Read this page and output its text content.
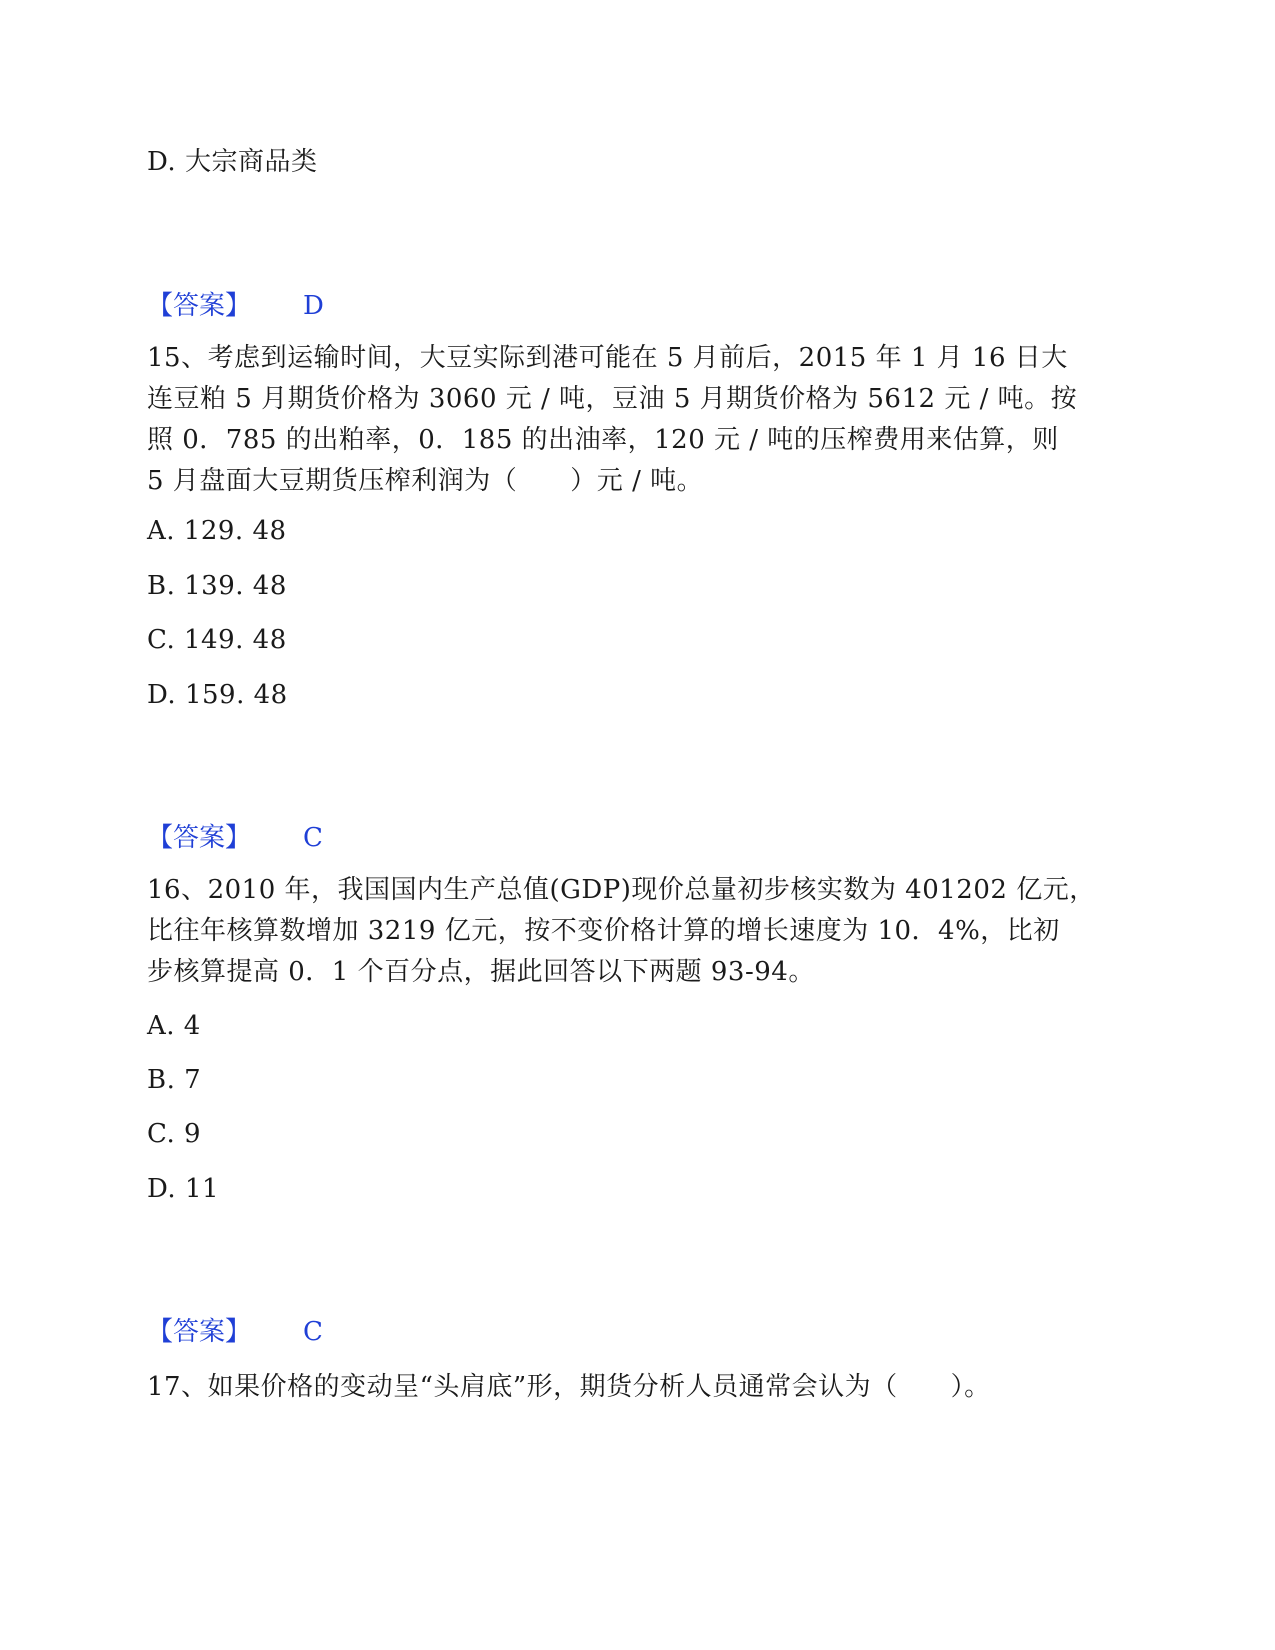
D. 大宗商品类
【答案】 D
15、考虑到运输时间，大豆实际到港可能在 5 月前后，2015 年 1 月 16 日大
连豆粕 5 月期货价格为 3060 元 / 吨，豆油 5 月期货价格为 5612 元 / 吨。按
照 0．785 的出粕率，0．185 的出油率，120 元 / 吨的压榨费用来估算，则
5 月盘面大豆期货压榨利润为（　　）元 / 吨。
A. 129. 48
B. 139. 48
C. 149. 48
D. 159. 48
【答案】 C
16、2010 年，我国国内生产总值(GDP)现价总量初步核实数为 401202 亿元，
比往年核算数增加 3219 亿元，按不变价格计算的增长速度为 10．4%，比初
步核算提高 0．1 个百分点，据此回答以下两题 93-94。
A. 4
B. 7
C. 9
D. 11
【答案】 C
17、如果价格的变动呈“头肩底”形，期货分析人员通常会认为（　　）。
